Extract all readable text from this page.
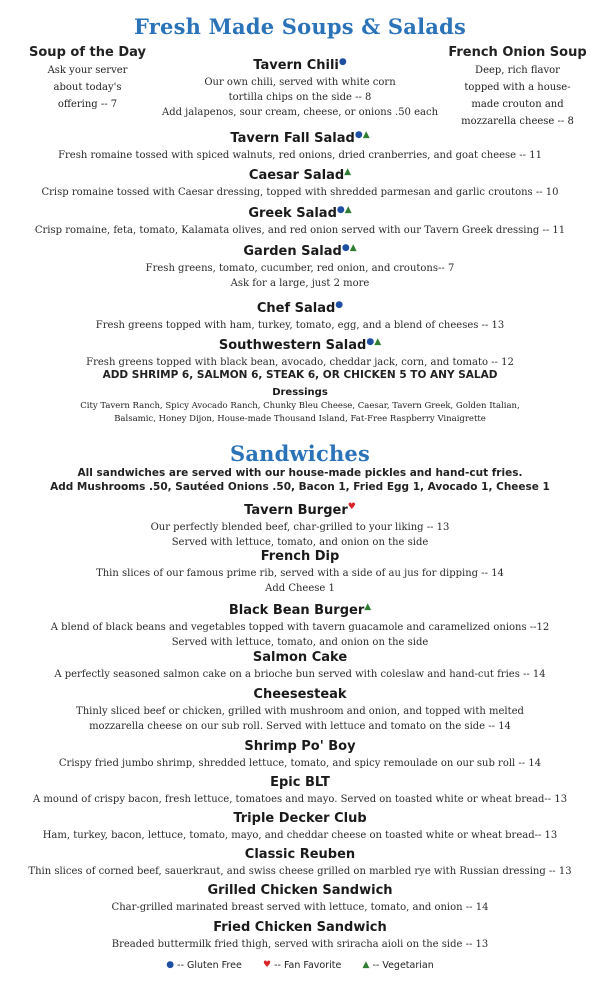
Fresh Made Soups & Salads

Soup of the Day

Ask your server

about today's

offering -- 7

Tavern Chili●

Our own chili, served with white corn

tortilla chips on the side -- 8

Add jalapenos, sour cream, cheese, or onions .50 each

French Onion Soup

Deep, rich flavor

topped with a house-

made crouton and

mozzarella cheese -- 8

Tavern Fall Salad●▲

Fresh romaine tossed with spiced walnuts, red onions, dried cranberries, and goat cheese -- 11

Caesar Salad▲

Crisp romaine tossed with Caesar dressing, topped with shredded parmesan and garlic croutons -- 10

Greek Salad●▲

Crisp romaine, feta, tomato, Kalamata olives, and red onion served with our Tavern Greek dressing -- 11

Garden Salad●▲

Fresh greens, tomato, cucumber, red onion, and croutons-- 7

Ask for a large, just 2 more

Chef Salad●

Fresh greens topped with ham, turkey, tomato, egg, and a blend of cheeses -- 13

Southwestern Salad●▲

Fresh greens topped with black bean, avocado, cheddar jack, corn, and tomato -- 12

ADD SHRIMP 6, SALMON 6, STEAK 6, OR CHICKEN 5 TO ANY SALAD

Dressings

City Tavern Ranch, Spicy Avocado Ranch, Chunky Bleu Cheese, Caesar, Tavern Greek, Golden Italian,

Balsamic, Honey Dijon, House-made Thousand Island, Fat-Free Raspberry Vinaigrette

Sandwiches

All sandwiches are served with our house-made pickles and hand-cut fries.

Add Mushrooms .50, Sautéed Onions .50, Bacon 1, Fried Egg 1, Avocado 1, Cheese 1

Tavern Burger♥

Our perfectly blended beef, char-grilled to your liking -- 13

Served with lettuce, tomato, and onion on the side

French Dip

Thin slices of our famous prime rib, served with a side of au jus for dipping -- 14

Add Cheese 1

Black Bean Burger▲

A blend of black beans and vegetables topped with tavern guacamole and caramelized onions --12

Served with lettuce, tomato, and onion on the side

Salmon Cake

A perfectly seasoned salmon cake on a brioche bun served with coleslaw and hand-cut fries -- 14

Cheesesteak

Thinly sliced beef or chicken, grilled with mushroom and onion, and topped with melted

mozzarella cheese on our sub roll. Served with lettuce and tomato on the side -- 14

Shrimp Po' Boy

Crispy fried jumbo shrimp, shredded lettuce, tomato, and spicy remoulade on our sub roll -- 14

Epic BLT

A mound of crispy bacon, fresh lettuce, tomatoes and mayo. Served on toasted white or wheat bread-- 13

Triple Decker Club

Ham, turkey, bacon, lettuce, tomato, mayo, and cheddar cheese on toasted white or wheat bread-- 13

Classic Reuben

Thin slices of corned beef, sauerkraut, and swiss cheese grilled on marbled rye with Russian dressing -- 13

Grilled Chicken Sandwich

Char-grilled marinated breast served with lettuce, tomato, and onion -- 14

Fried Chicken Sandwich

Breaded buttermilk fried thigh, served with sriracha aioli on the side -- 13

● -- Gluten Free ♥ -- Fan Favorite ▲ -- Vegetarian
